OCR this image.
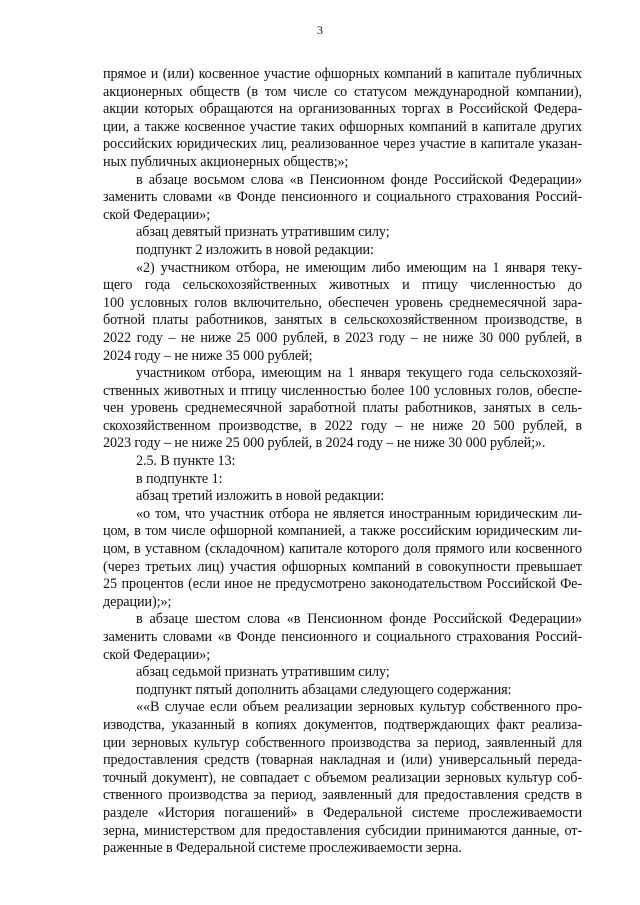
3
прямое и (или) косвенное участие офшорных компаний в капитале публичных
акционерных обществ (в том числе со статусом международной компании),
акции которых обращаются на организованных торгах в Российской Федера-
ции, а также косвенное участие таких офшорных компаний в капитале других
российских юридических лиц, реализованное через участие в капитале указан-
ных публичных акционерных обществ;»;
в абзаце восьмом слова «в Пенсионном фонде Российской Федерации»
заменить словами «в Фонде пенсионного и социального страхования Россий-
ской Федерации»;
абзац девятый признать утратившим силу;
подпункт 2 изложить в новой редакции:
«2) участником отбора, не имеющим либо имеющим на 1 января теку-
щего года сельскохозяйственных животных и птицу численностью до
100 условных голов включительно, обеспечен уровень среднемесячной зара-
ботной платы работников, занятых в сельскохозяйственном производстве, в
2022 году – не ниже 25 000 рублей, в 2023 году – не ниже 30 000 рублей, в
2024 году – не ниже 35 000 рублей;
участником отбора, имеющим на 1 января текущего года сельскохозяй-
ственных животных и птицу численностью более 100 условных голов, обеспе-
чен уровень среднемесячной заработной платы работников, занятых в сель-
скохозяйственном производстве, в 2022 году – не ниже 20 500 рублей, в
2023 году – не ниже 25 000 рублей, в 2024 году – не ниже 30 000 рублей;».
2.5. В пункте 13:
в подпункте 1:
абзац третий изложить в новой редакции:
«о том, что участник отбора не является иностранным юридическим ли-
цом, в том числе офшорной компанией, а также российским юридическим ли-
цом, в уставном (складочном) капитале которого доля прямого или косвенного
(через третьих лиц) участия офшорных компаний в совокупности превышает
25 процентов (если иное не предусмотрено законодательством Российской Фе-
дерации);»;
в абзаце шестом слова «в Пенсионном фонде Российской Федерации»
заменить словами «в Фонде пенсионного и социального страхования Россий-
ской Федерации»;
абзац седьмой признать утратившим силу;
подпункт пятый дополнить абзацами следующего содержания:
««В случае если объем реализации зерновых культур собственного про-
изводства, указанный в копиях документов, подтверждающих факт реализа-
ции зерновых культур собственного производства за период, заявленный для
предоставления средств (товарная накладная и (или) универсальный переда-
точный документ), не совпадает с объемом реализации зерновых культур соб-
ственного производства за период, заявленный для предоставления средств в
разделе «История погашений» в Федеральной системе прослеживаемости
зерна, министерством для предоставления субсидии принимаются данные, от-
раженные в Федеральной системе прослеживаемости зерна.
